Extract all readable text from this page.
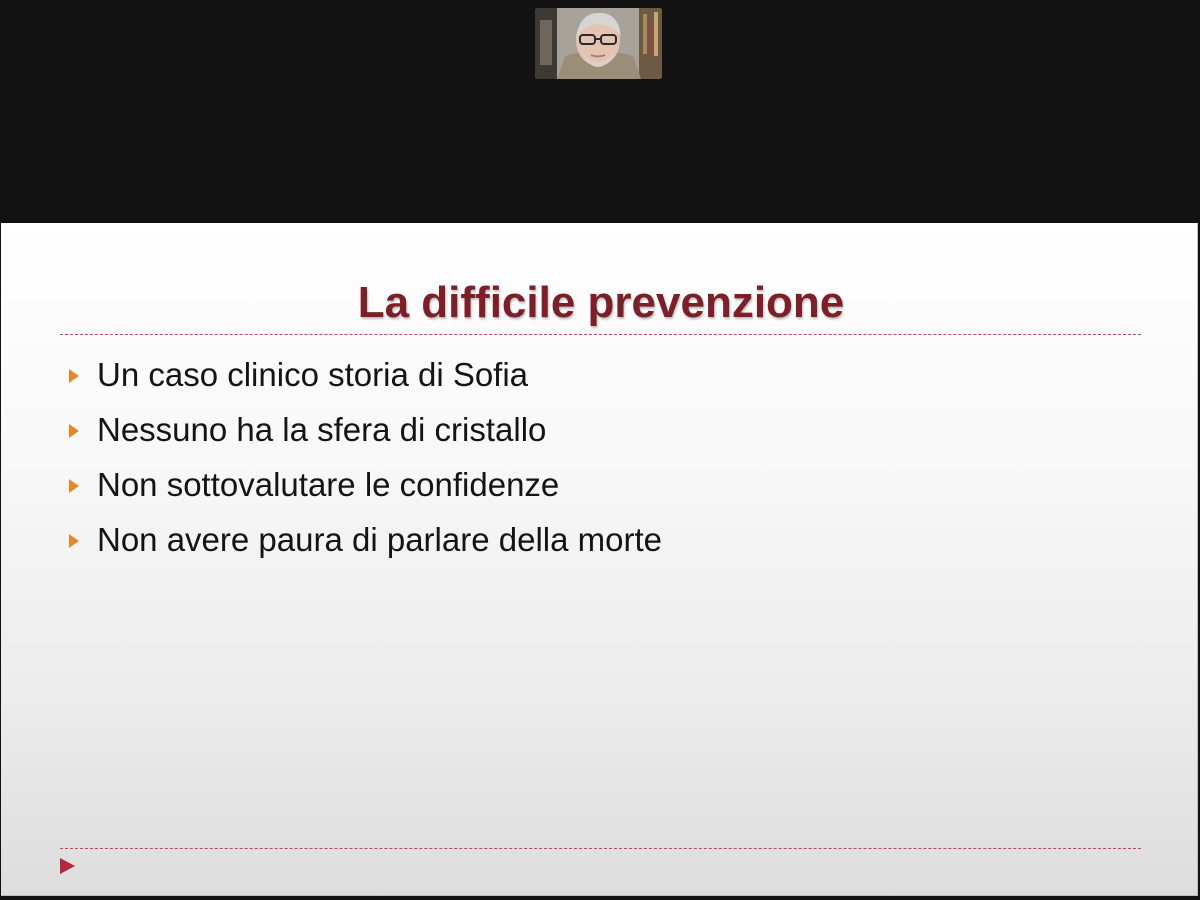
La difficile prevenzione
Un caso clinico storia di Sofia
Nessuno ha la sfera di cristallo
Non sottovalutare le confidenze
Non avere paura di parlare della morte
